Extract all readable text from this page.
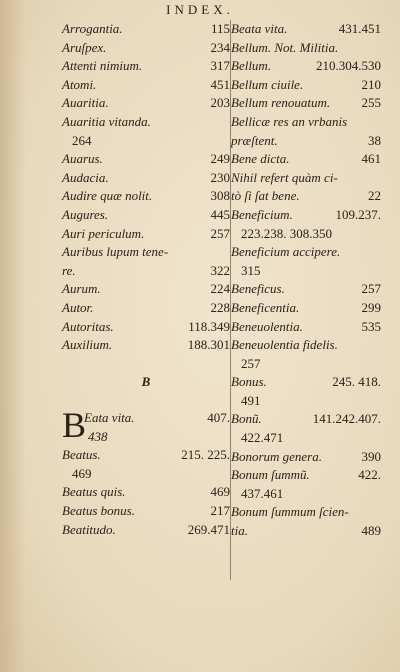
INDEX.
Arrogantia.	115
Aruſpex.	234
Attenti nimium.	317
Atomi.	451
Auaritia.	203
Auaritia vitanda.
264
Auarus.	249
Audacia.	230
Audire quæ nolit.	308
Augures.	445
Auri periculum.	257
Auribus lupum tene-
re.	322
Aurum.	224
Autor.	228
Autoritas.	118.349
Auxilium.	188.301
B
B
Eata vita.	407.
438
Beatus.	215. 225.
469
Beatus quis.	469
Beatus bonus.	217
Beatitudo.	269.471
Beata vita.	431.451
Bellum. Not. Militia.
Bellum.	210.304.530
Bellum ciuile.	210
Bellum renouatum. 255
Bellicæ res an vrbanis
præſtent.	38
Bene dicta.	461
Nihil refert quàm ci-
tò ſi ſat bene.	22
Beneficium.	109.237.
223.238. 308.350
Beneficium accipere.
315
Beneficus.	257
Beneficentia.	299
Beneuolentia.	535
Beneuolentia fidelis.
257
Bonus.	245. 418.
491
Bonũ.	141.242.407.
422.471
Bonorum genera.	390
Bonum ſummũ.	422.
437.461
Bonum ſummum ſcien-
tia.	489
